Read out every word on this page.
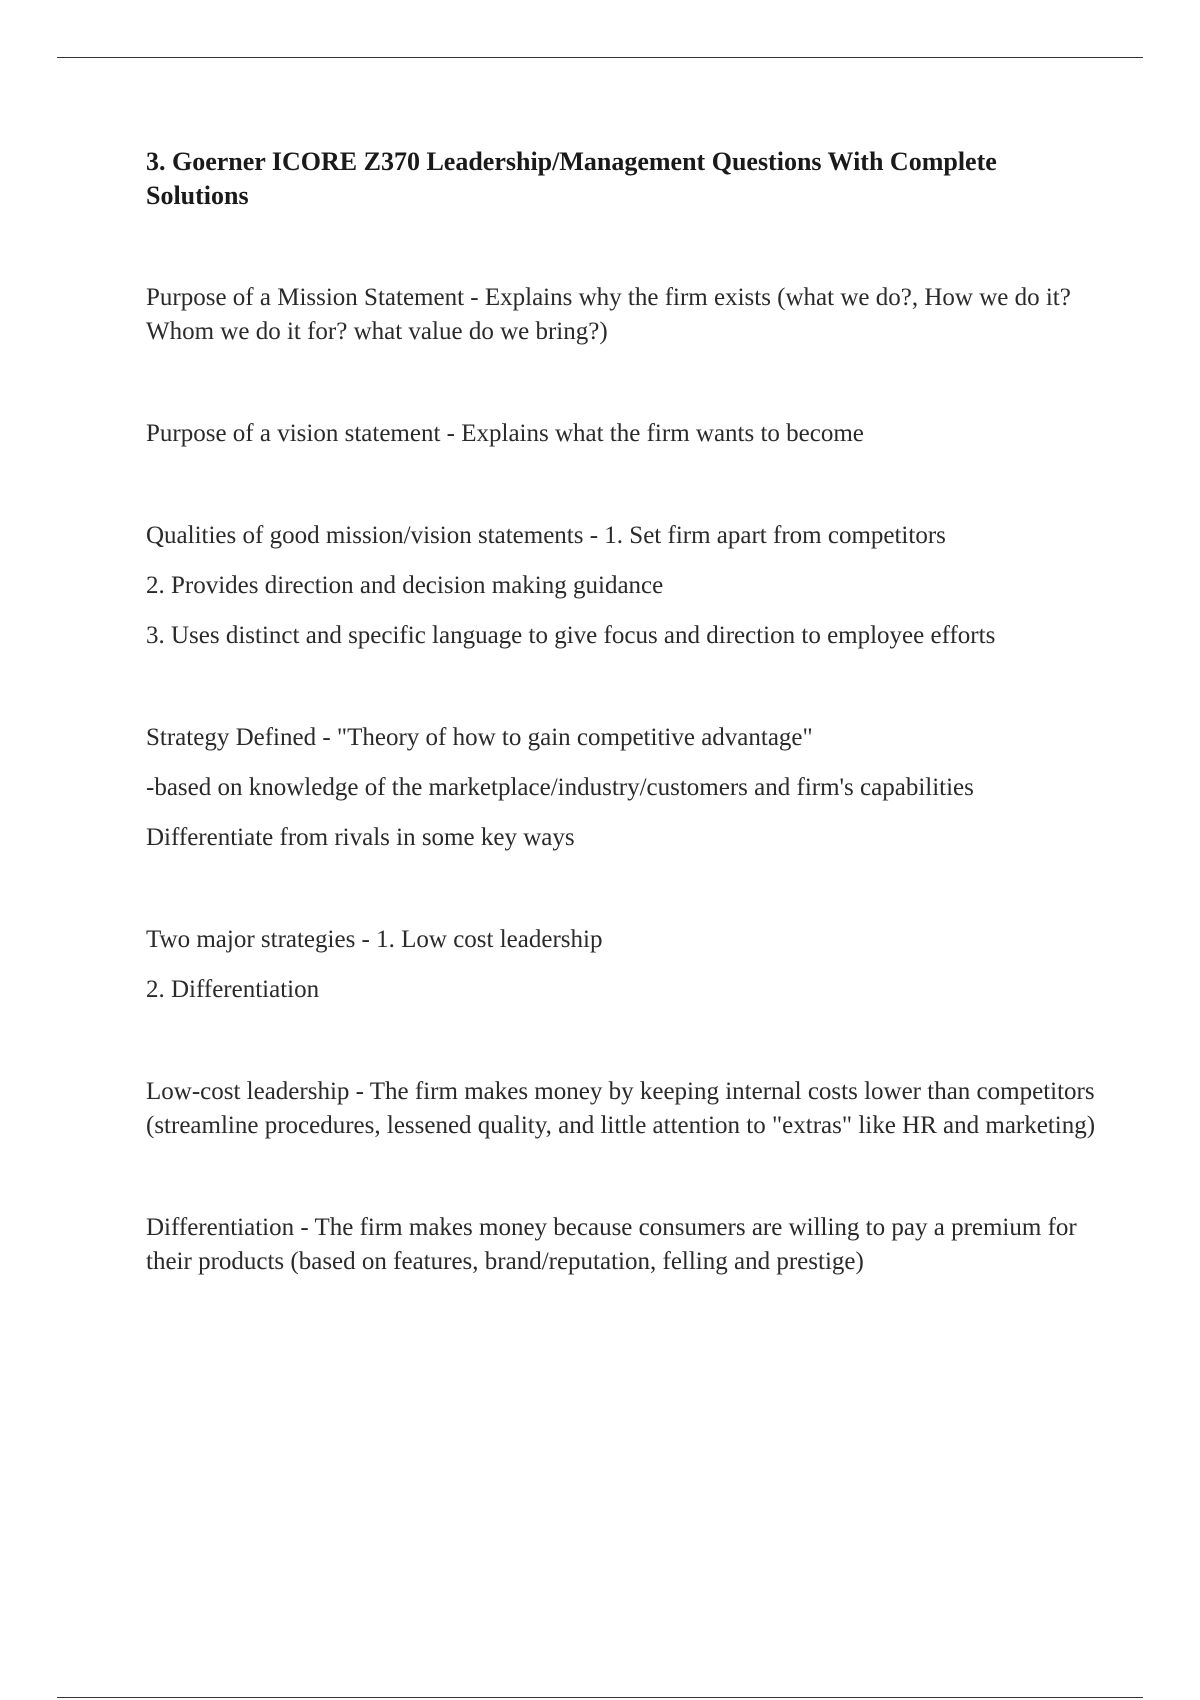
3. Goerner ICORE Z370 Leadership/Management Questions With Complete Solutions

Purpose of a Mission Statement - Explains why the firm exists (what we do?, How we do it? Whom we do it for? what value do we bring?)

Purpose of a vision statement - Explains what the firm wants to become

Qualities of good mission/vision statements - 1. Set firm apart from competitors

2. Provides direction and decision making guidance

3. Uses distinct and specific language to give focus and direction to employee efforts

Strategy Defined - "Theory of how to gain competitive advantage"

-based on knowledge of the marketplace/industry/customers and firm's capabilities

Differentiate from rivals in some key ways

Two major strategies - 1. Low cost leadership

2. Differentiation

Low-cost leadership - The firm makes money by keeping internal costs lower than competitors (streamline procedures, lessened quality, and little attention to "extras" like HR and marketing)

Differentiation - The firm makes money because consumers are willing to pay a premium for their products (based on features, brand/reputation, felling and prestige)
